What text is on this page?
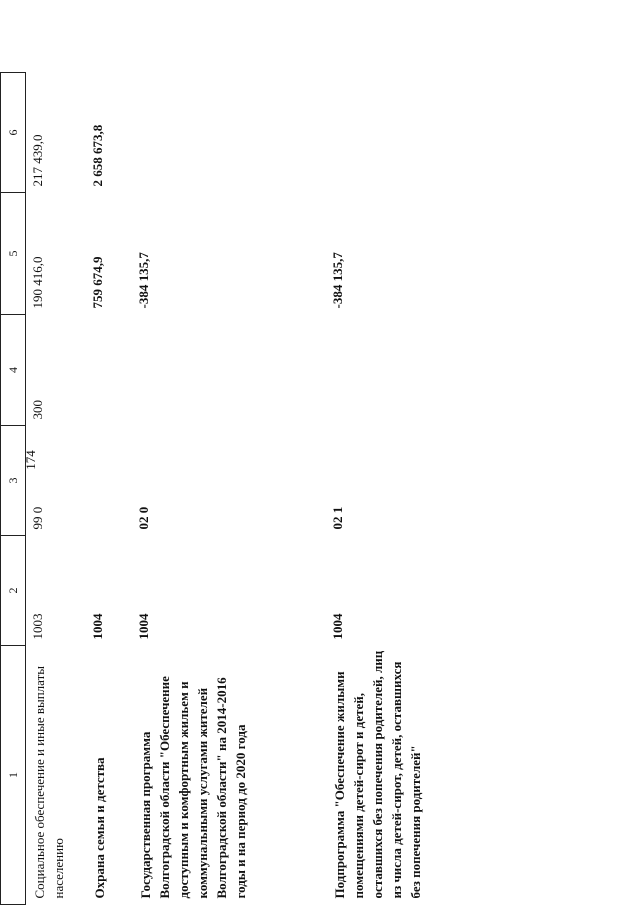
174
1	2	3	4	5	6
Социальное обеспечение и иные выплаты населению	1003	99 0	300	190 416,0	217 439,0
Охрана семьи и детства	1004			759 674,9	2 658 673,8
Государственная программа Волгоградской области "Обеспечение доступным и комфортным жильем и коммунальными услугами жителей Волгоградской области" на 2014-2016 годы и на период до 2020 года	1004	02 0		-384 135,7	
Подпрограмма "Обеспечение жилыми помещениями детей-сирот и детей, оставшихся без попечения родителей, лиц из числа детей-сирот, детей, оставшихся без попечения родителей"	1004	02 1		-384 135,7	
